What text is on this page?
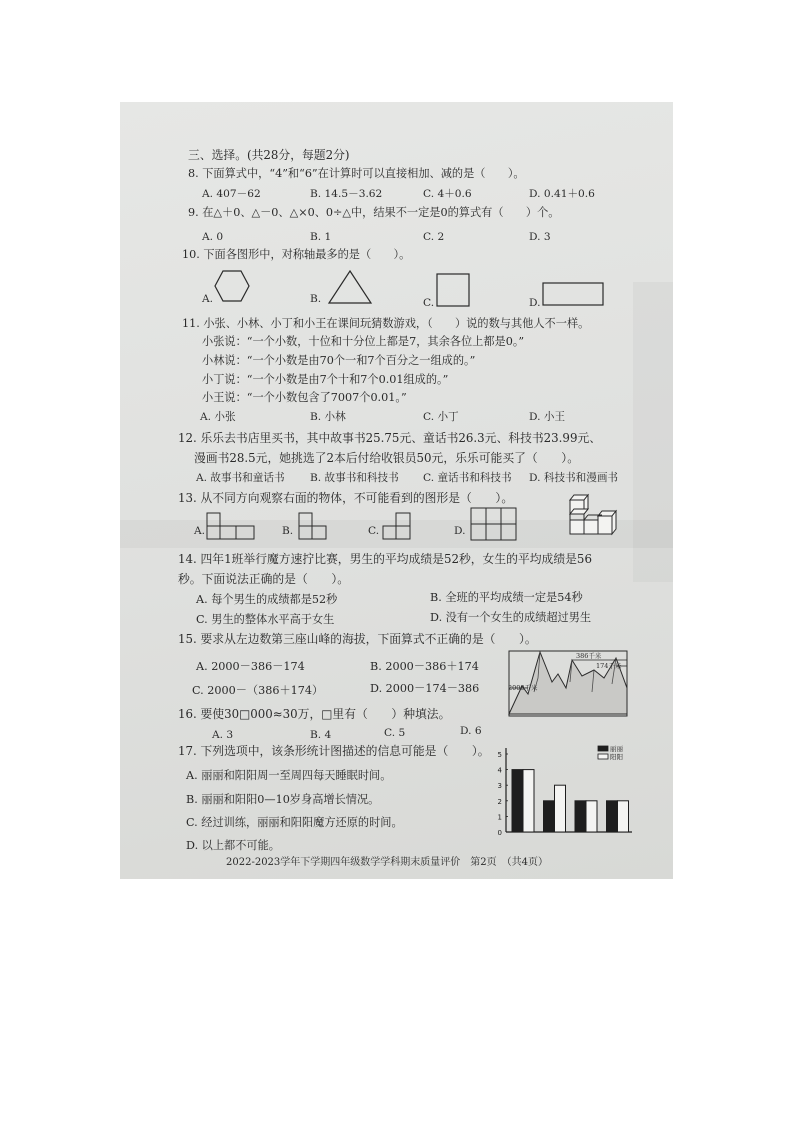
三、选择。(共28分，每题2分)
8. 下面算式中，“4”和“6”在计算时可以直接相加、减的是（　　）。
A. 407－62	B. 14.5－3.62	C. 4＋0.6	D. 0.41＋0.6
9. 在△＋0、△－0、△×0、0÷△中，结果不一定是0的算式有（　　）个。
A. 0	B. 1	C. 2	D. 3
10. 下面各图形中，对称轴最多的是（　　）。
A.	B.	C.	D.
11. 小张、小林、小丁和小王在课间玩猜数游戏，（　　）说的数与其他人不一样。
小张说：“一个小数，十位和十分位上都是7，其余各位上都是0。”
小林说：“一个小数是由70个一和7个百分之一组成的。”
小丁说：“一个小数是由7个十和7个0.01组成的。”
小王说：“一个小数包含了7007个0.01。”
A. 小张	B. 小林	C. 小丁	D. 小王
12. 乐乐去书店里买书，其中故事书25.75元、童话书26.3元、科技书23.99元、
漫画书28.5元，她挑选了2本后付给收银员50元，乐乐可能买了（　　）。
A. 故事书和童话书 B. 故事书和科技书 C. 童话书和科技书 D. 科技书和漫画书
13. 从不同方向观察右面的物体，不可能看到的图形是（　　）。
A.	B.	C.	D.
14. 四年1班举行魔方速拧比赛，男生的平均成绩是52秒，女生的平均成绩是56
秒。下面说法正确的是（　　）。
A. 每个男生的成绩都是52秒	B. 全班的平均成绩一定是54秒
C. 男生的整体水平高于女生	D. 没有一个女生的成绩超过男生
15. 要求从左边数第三座山峰的海拔，下面算式不正确的是（　　）。
A. 2000－386－174	B. 2000－386＋174
C. 2000－（386＋174）	D. 2000－174－386
386千米
174千米
2000千米
16. 要使30□000≈30万，□里有（　　）种填法。
A. 3	B. 4	C. 5	D. 6
17. 下列选项中，该条形统计图描述的信息可能是（　　）。
A. 丽丽和阳阳周一至周四每天睡眠时间。
B. 丽丽和阳阳0—10岁身高增长情况。
C. 经过训练，丽丽和阳阳魔方还原的时间。
D. 以上都不可能。
0
1
2
3
4
5
丽丽
阳阳
2022-2023学年下学期四年级数学学科期末质量评价　第2页　（共4页）
